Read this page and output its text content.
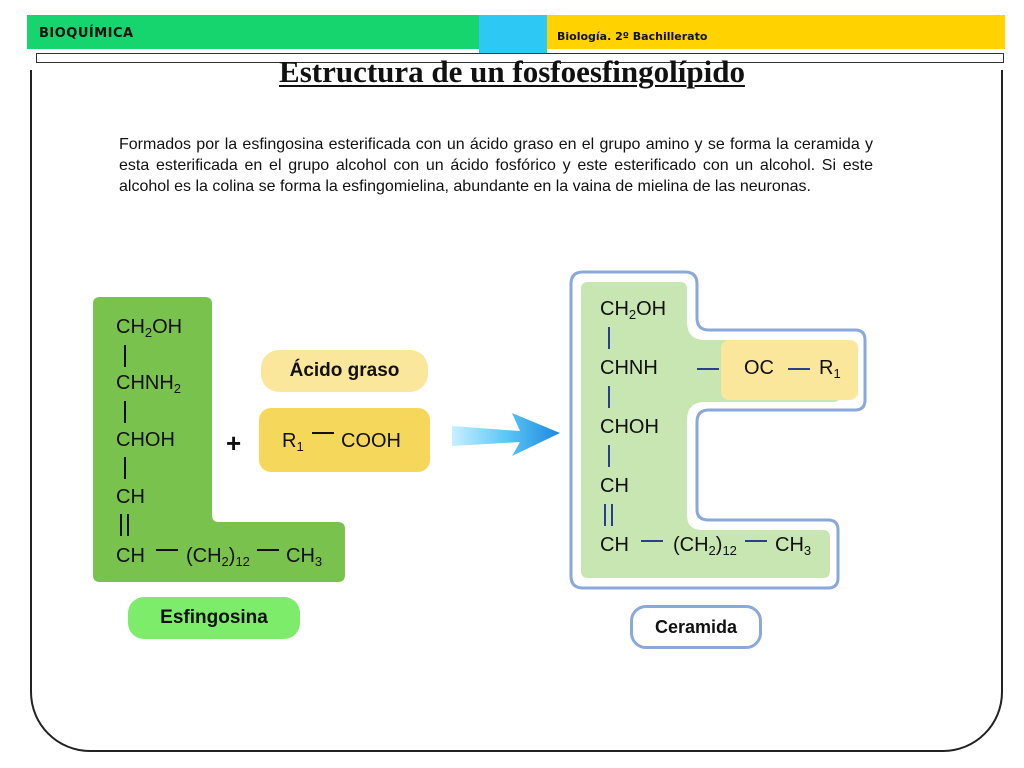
BIOQUÍMICA	Biología. 2º Bachillerato
Estructura de un fosfoesfingolípido
Formados por la esfingosina esterificada con un ácido graso en el grupo amino y se forma la ceramida y esta esterificada en el grupo alcohol con un ácido fosfórico y este esterificado con un alcohol. Si este alcohol es la colina se forma la esfingomielina, abundante en la vaina de mielina de las neuronas.
$CH_2OH$
$CHNH_2$
CHOH
CH
CH $(CH_2)_{12}$ $CH_3$
Esfingosina
Ácido graso
$R_1$ COOH
+
$CH_2OH$
CHNH	OC $R_1$
CHOH
CH
CH $(CH_2)_{12}$ $CH_3$
Ceramida
